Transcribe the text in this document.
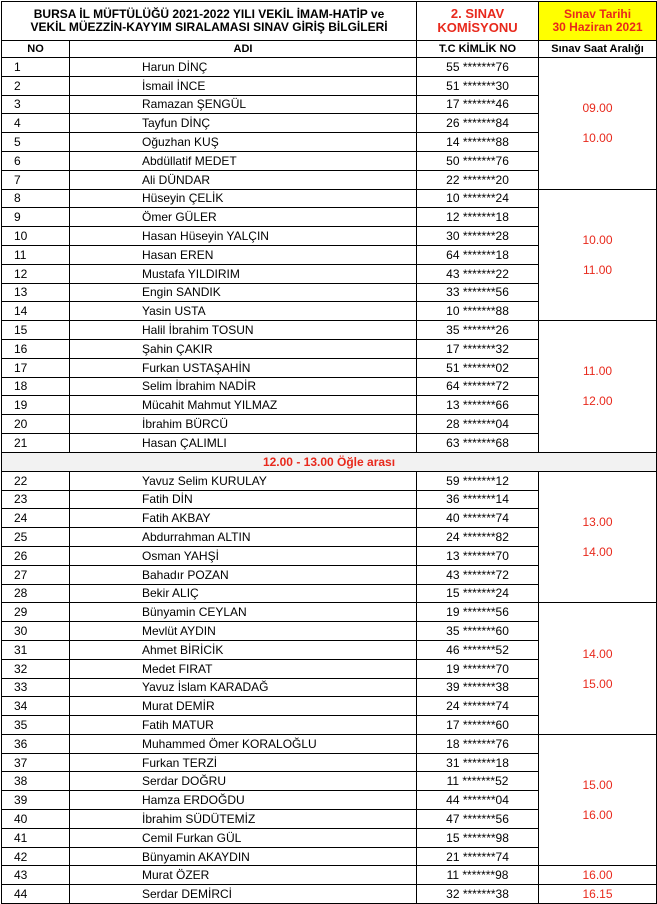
BURSA İL MÜFTÜLÜĞÜ 2021-2022 YILI VEKİL İMAM-HATİP ve
VEKİL MÜEZZİN-KAYYIM SIRALAMASI SINAV GİRİŞ BİLGİLERİ		2. SINAV
KOMİSYONU	Sınav Tarihi
30 Haziran 2021
NO	ADI	T.C KİMLİK NO	Sınav Saat Aralığı
1	Harun DİNÇ	55 *******76	09.00
10.00
2	İsmail İNCE	51 *******30	
3	Ramazan ŞENGÜL	17 *******46	
4	Tayfun DİNÇ	26 *******84	
5	Oğuzhan KUŞ	14 *******88	
6	Abdüllatif MEDET	50 *******76	
7	Ali DÜNDAR	22 *******20	
8	Hüseyin ÇELİK	10 *******24	10.00
11.00
9	Ömer GÜLER	12 *******18	
10	Hasan Hüseyin YALÇIN	30 *******28	
11	Hasan EREN	64 *******18	
12	Mustafa YILDIRIM	43 *******22	
13	Engin SANDIK	33 *******56	
14	Yasin USTA	10 *******88	
15	Halil İbrahim TOSUN	35 *******26	11.00
12.00
16	Şahin ÇAKIR	17 *******32	
17	Furkan USTAŞAHİN	51 *******02	
18	Selim İbrahim NADİR	64 *******72	
19	Mücahit Mahmut YILMAZ	13 *******66	
20	İbrahim BÜRCÜ	28 *******04	
21	Hasan ÇALIMLI	63 *******68	
12.00 - 13.00 Öğle arası			
22	Yavuz Selim KURULAY	59 *******12	13.00
14.00
23	Fatih DİN	36 *******14	
24	Fatih AKBAY	40 *******74	
25	Abdurrahman ALTIN	24 *******82	
26	Osman YAHŞİ	13 *******70	
27	Bahadır POZAN	43 *******72	
28	Bekir ALIÇ	15 *******24	
29	Bünyamin CEYLAN	19 *******56	14.00
15.00
30	Mevlüt AYDIN	35 *******60	
31	Ahmet BİRİCİK	46 *******52	
32	Medet FIRAT	19 *******70	
33	Yavuz İslam KARADAĞ	39 *******38	
34	Murat DEMİR	24 *******74	
35	Fatih MATUR	17 *******60	
36	Muhammed Ömer KORALOĞLU	18 *******76	15.00
16.00
37	Furkan TERZİ	31 *******18	
38	Serdar DOĞRU	11 *******52	
39	Hamza ERDOĞDU	44 *******04	
40	İbrahim SÜDÜTEMİZ	47 *******56	
41	Cemil Furkan GÜL	15 *******98	
42	Bünyamin AKAYDIN	21 *******74	
43	Murat ÖZER	11 *******98	16.00
44	Serdar DEMİRCİ	32 *******38	16.15
